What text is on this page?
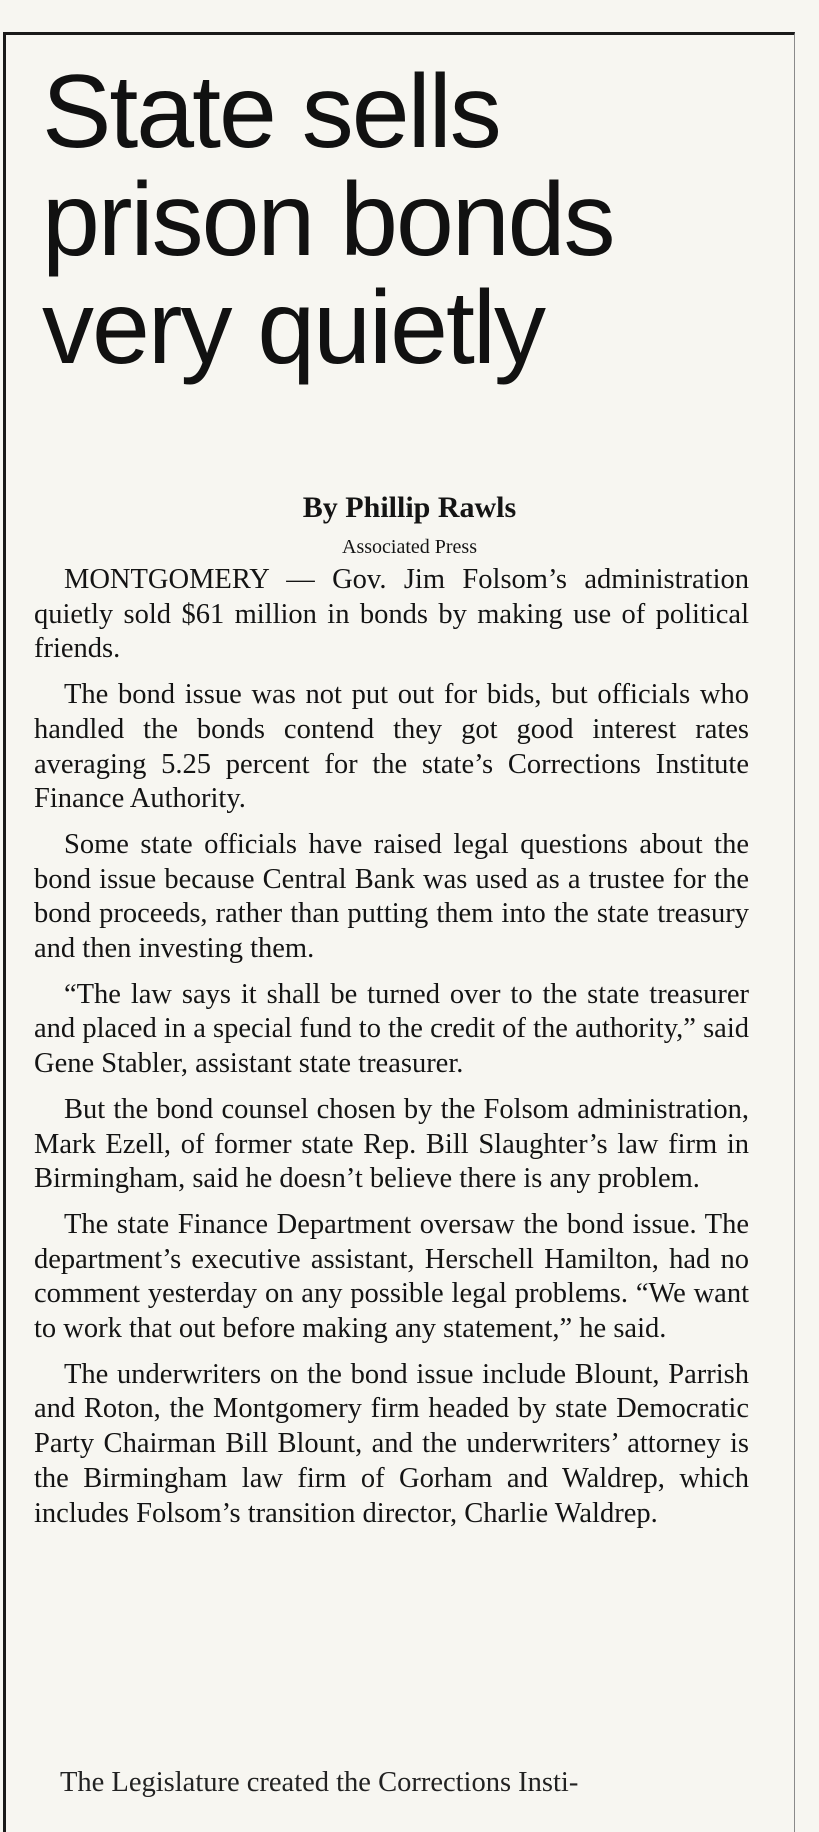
State sells
prison bonds
very quietly
By Phillip Rawls
Associated Press

MONTGOMERY — Gov. Jim Folsom’s administration quietly sold $61 million in bonds by making use of political friends.

The bond issue was not put out for bids, but officials who handled the bonds contend they got good interest rates averaging 5.25 percent for the state’s Corrections Institute Finance Authority.

Some state officials have raised legal questions about the bond issue because Central Bank was used as a trustee for the bond proceeds, rather than putting them into the state treasury and then investing them.

“The law says it shall be turned over to the state treasurer and placed in a special fund to the credit of the authority,” said Gene Stabler, assistant state treasurer.

But the bond counsel chosen by the Folsom administration, Mark Ezell, of former state Rep. Bill Slaughter’s law firm in Birmingham, said he doesn’t believe there is any problem.

The state Finance Department oversaw the bond issue. The department’s executive assistant, Herschell Hamilton, had no comment yesterday on any possible legal problems. “We want to work that out before making any statement,” he said.

The underwriters on the bond issue include Blount, Parrish and Roton, the Montgomery firm headed by state Democratic Party Chairman Bill Blount, and the underwriters’ attorney is the Birmingham law firm of Gorham and Waldrep, which includes Folsom’s transition director, Charlie Waldrep.

The Legislature created the Corrections Insti-
